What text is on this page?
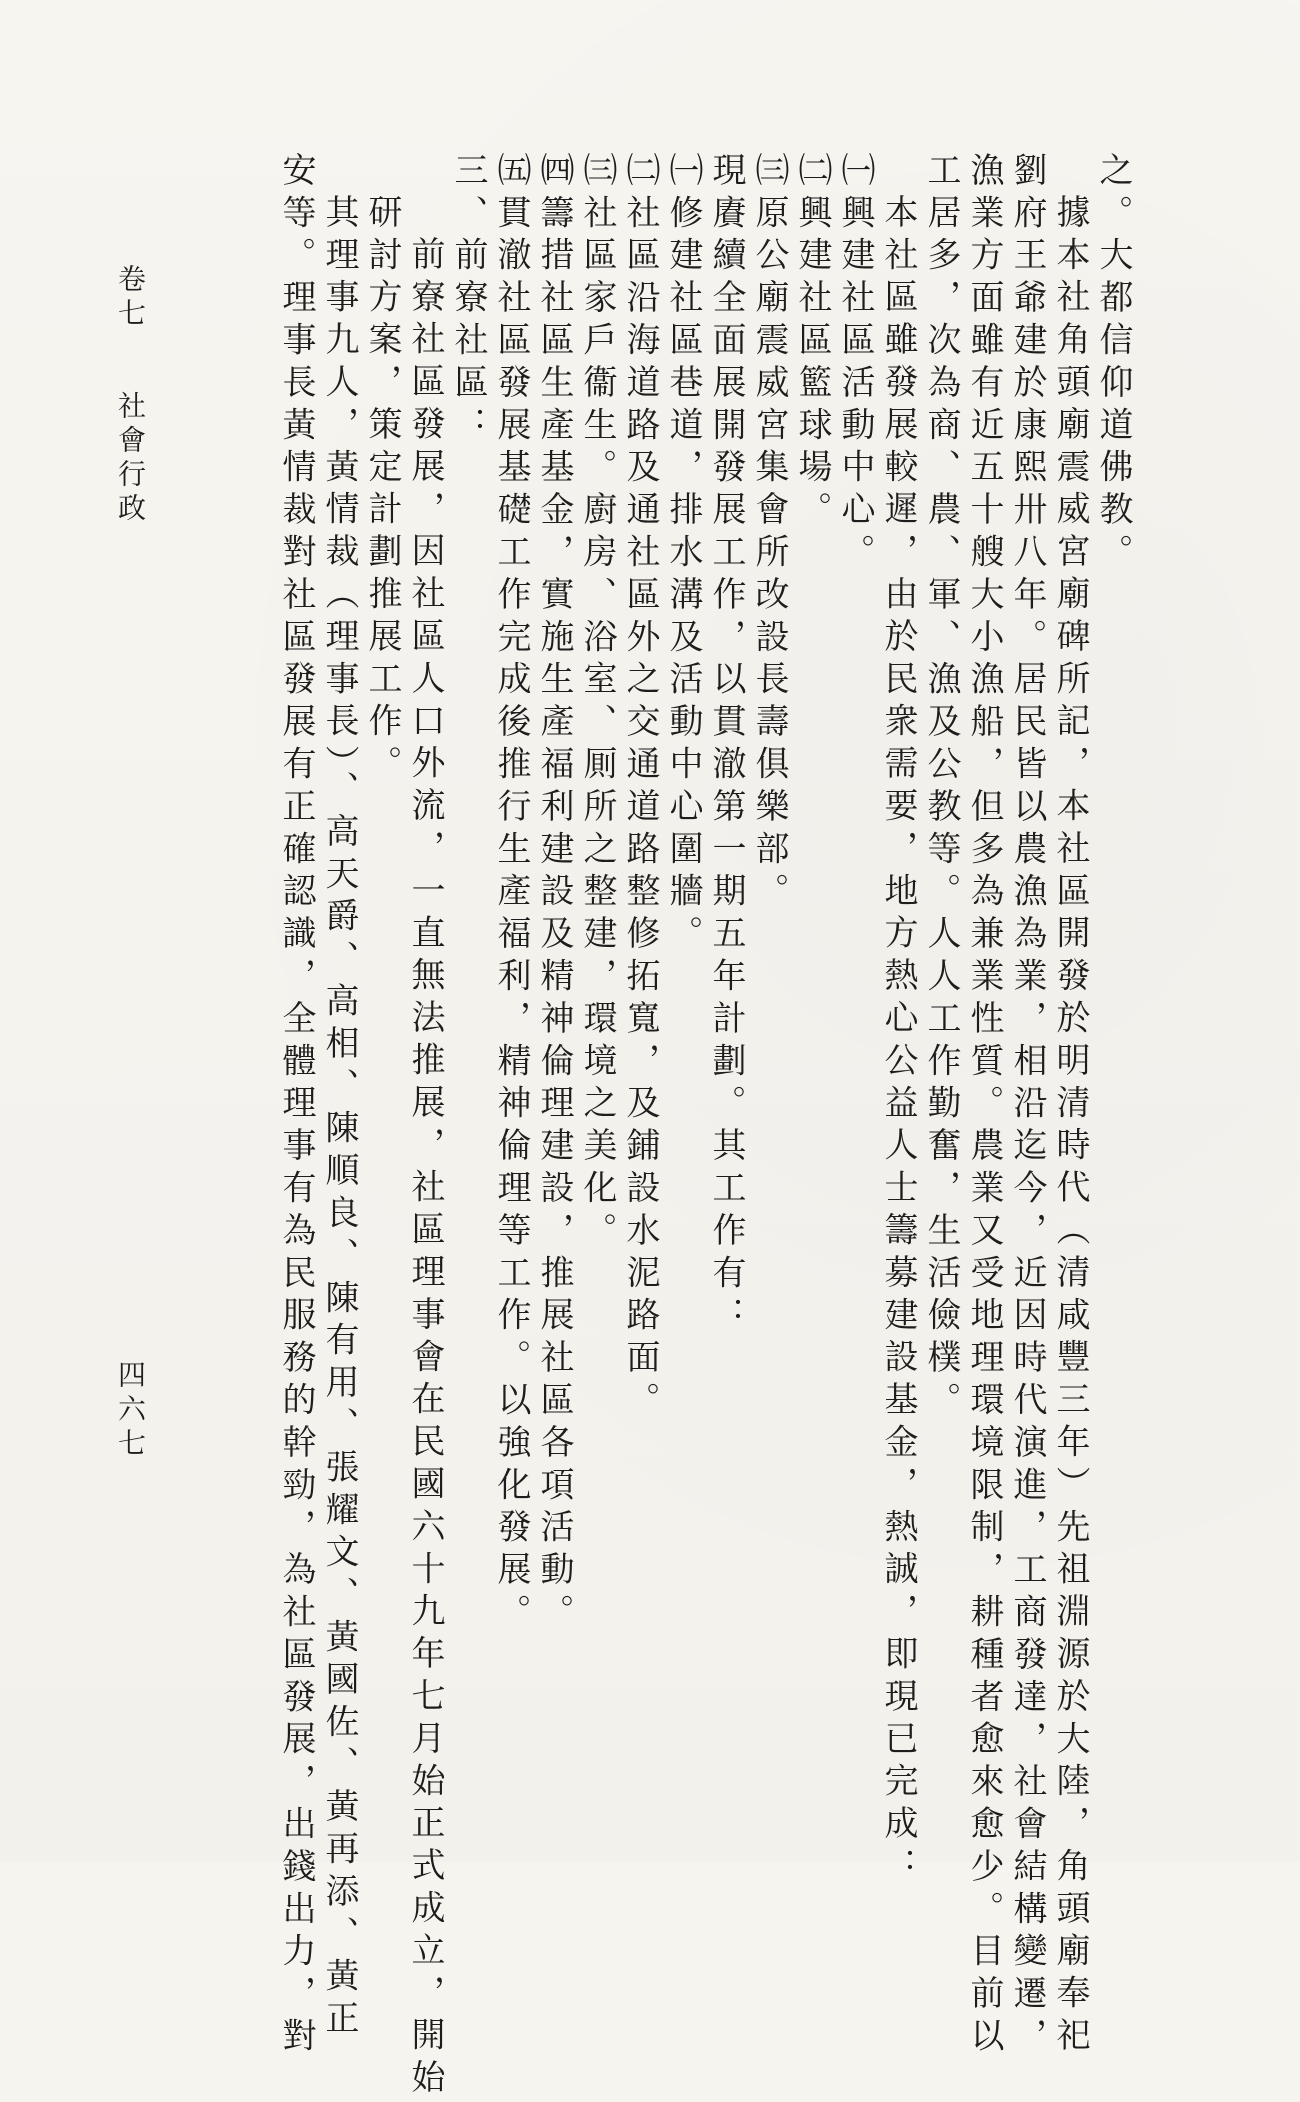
之。大都信仰道佛教。
據本社角頭廟震威宮廟碑所記，本社區開發於明清時代（清咸豐三年）先祖淵源於大陸，角頭廟奉祀
劉府王爺建於康熙卅八年。居民皆以農漁為業，相沿迄今，近因時代演進，工商發達，社會結構變遷，
漁業方面雖有近五十艘大小漁船，但多為兼業性質。農業又受地理環境限制，耕種者愈來愈少。目前以
工居多，次為商、農、軍、漁及公教等。人人工作勤奮，生活儉樸。
本社區雖發展較遲，由於民衆需要，地方熱心公益人士籌募建設基金，熱誠，即現已完成：
㈠興建社區活動中心。
㈡興建社區籃球場。
㈢原公廟震威宮集會所改設長壽俱樂部。
現賡續全面展開發展工作，以貫澈第一期五年計劃。其工作有：
㈠修建社區巷道，排水溝及活動中心圍牆。
㈡社區沿海道路及通社區外之交通道路整修拓寬，及鋪設水泥路面。
㈢社區家戶衞生。廚房、浴室、厠所之整建，環境之美化。
㈣籌措社區生產基金，實施生產福利建設及精神倫理建設，推展社區各項活動。
㈤貫澈社區發展基礎工作完成後推行生產福利，精神倫理等工作。以強化發展。
三、前寮社區：
前寮社區發展，因社區人口外流，一直無法推展，社區理事會在民國六十九年七月始正式成立，開始
研討方案，策定計劃推展工作。
其理事九人，黃情裁（理事長）、高天爵、高相、陳順良、陳有用、張耀文、黃國佐、黃再添、黃正
安等。理事長黃情裁對社區發展有正確認識，全體理事有為民服務的幹勁，為社區發展，出錢出力，對
卷七 社會行政
四六七
